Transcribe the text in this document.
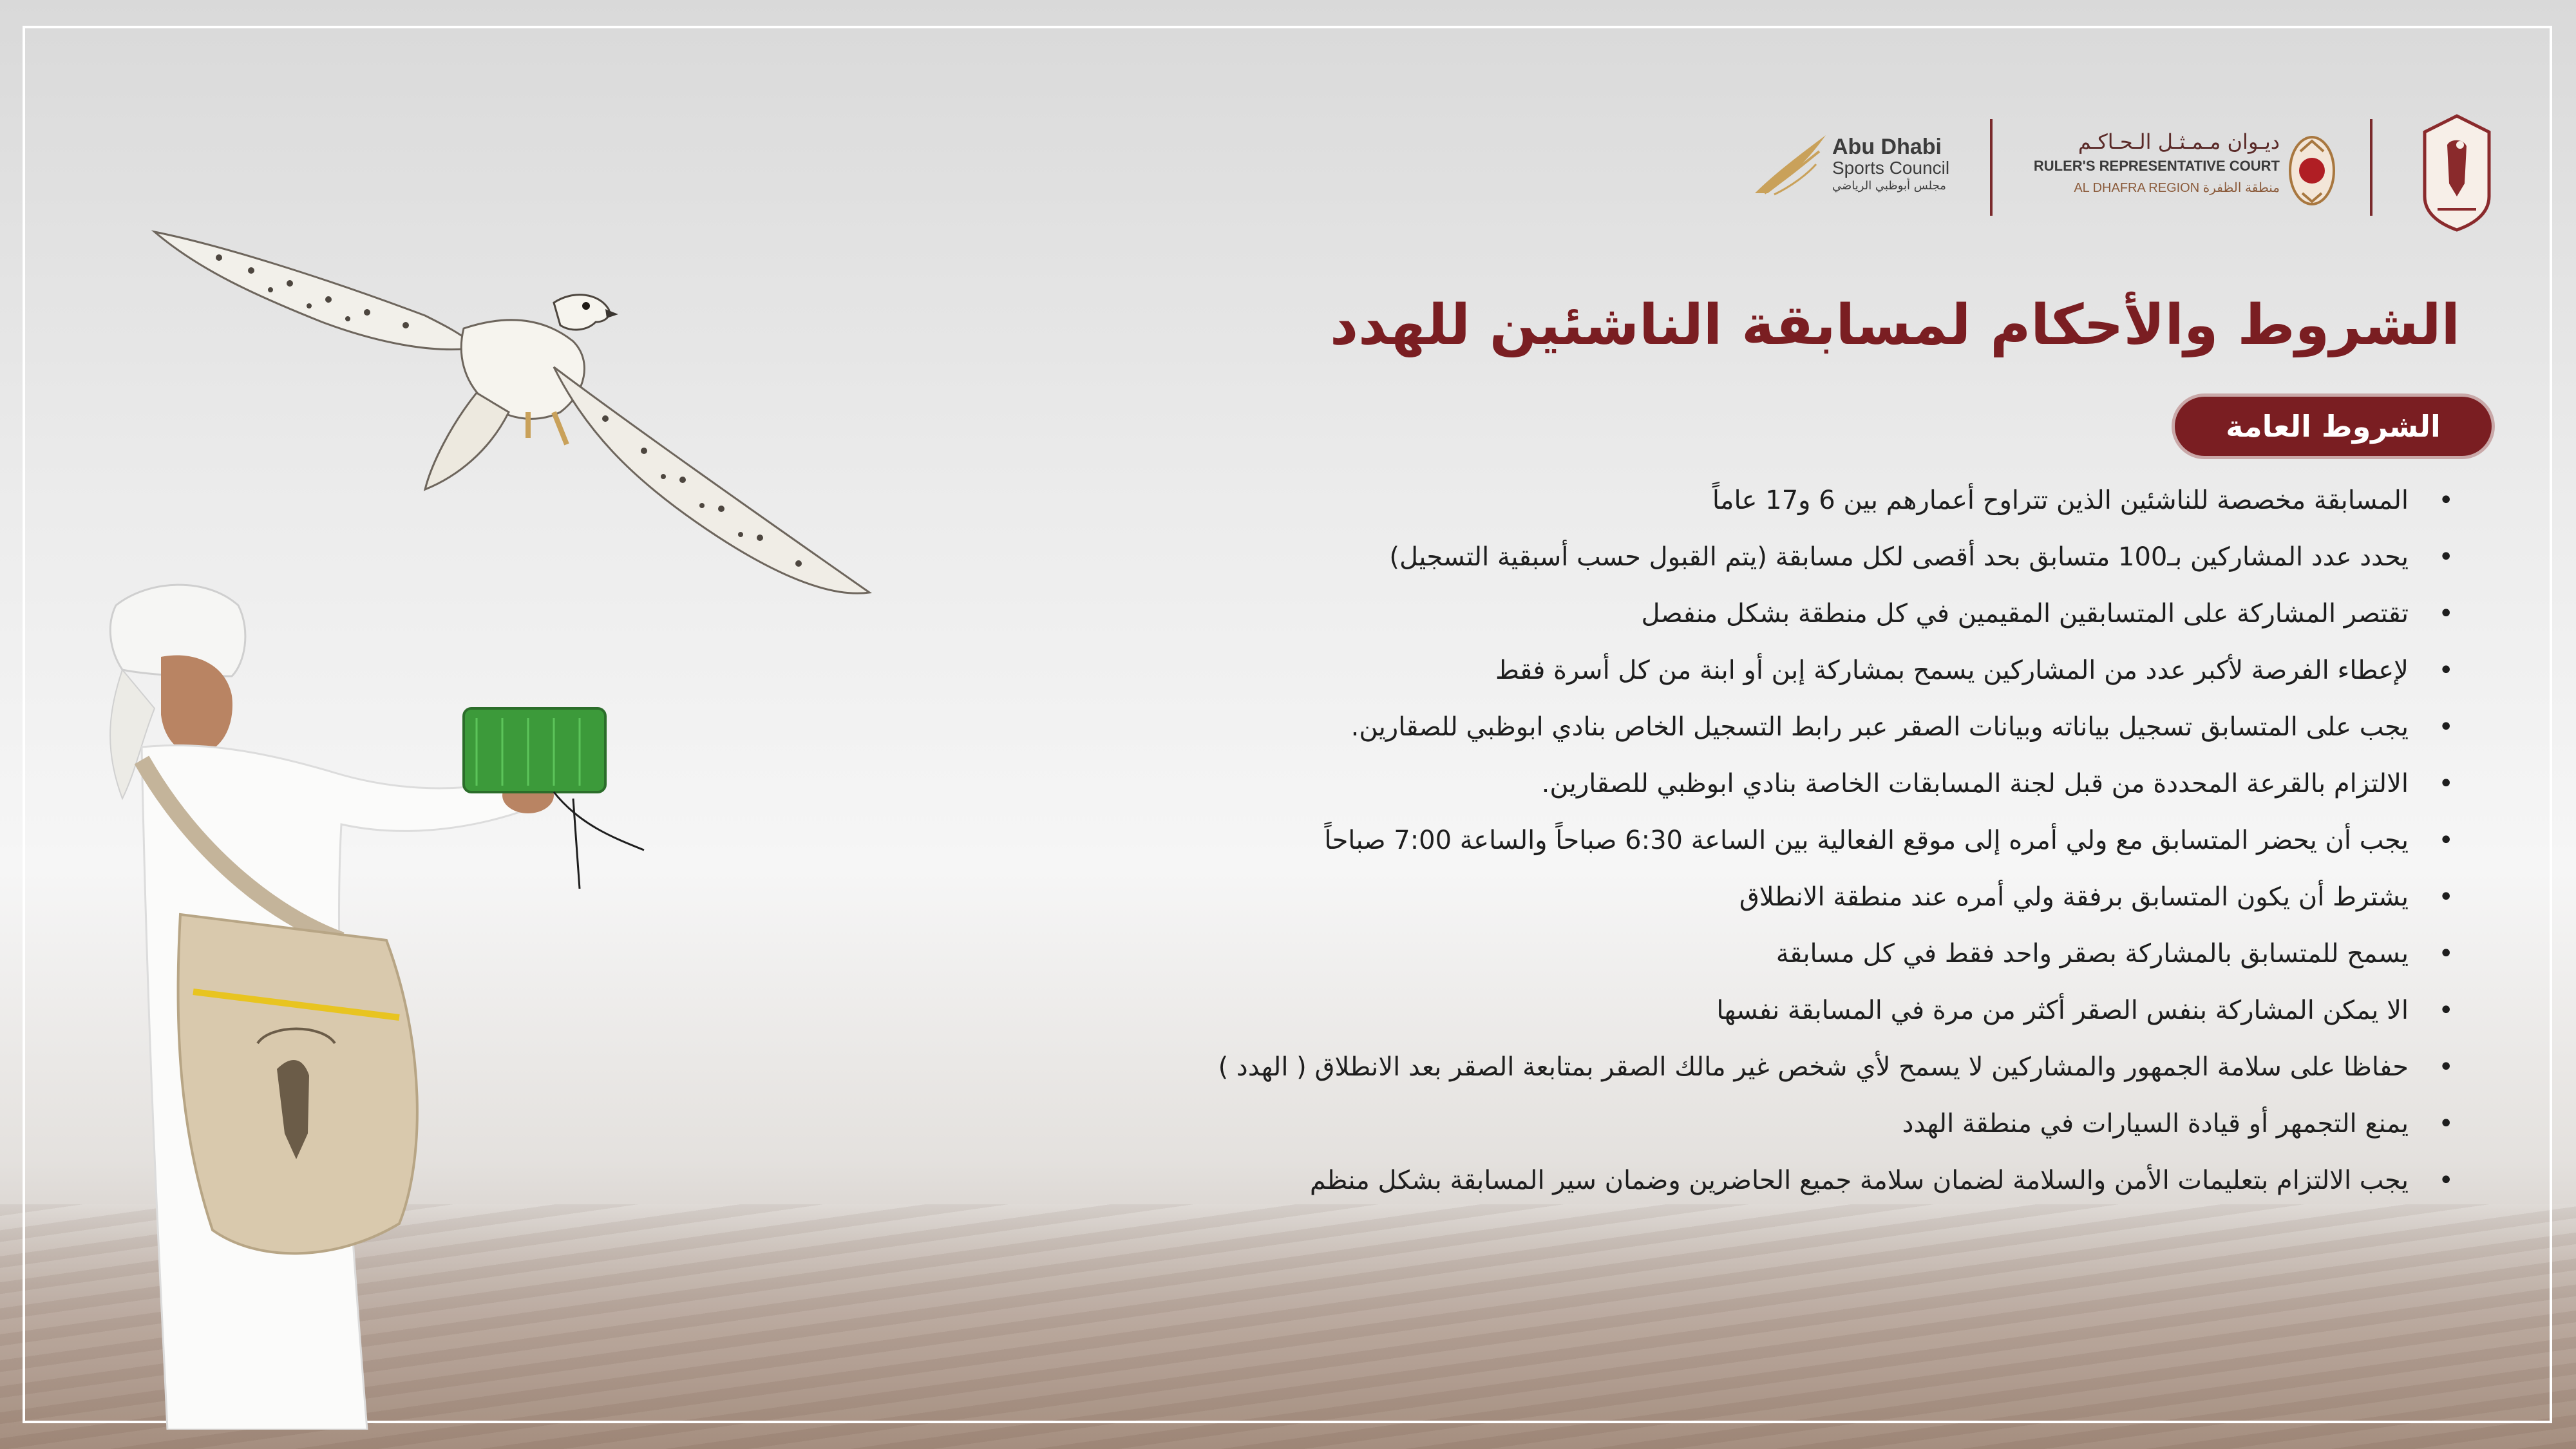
Abu Dhabi
Sports Council
مجلس أبوظبي الرياضي
ديـوان مـمـثـل الـحـاكـم
RULER'S REPRESENTATIVE COURT
AL DHAFRA REGION منطقة الظفرة
الشروط والأحكام لمسابقة الناشئين للهدد
الشروط العامة
• المسابقة مخصصة للناشئين الذين تتراوح أعمارهم بين 6 و17 عاماً
• يحدد عدد المشاركين بـ100 متسابق بحد أقصى لكل مسابقة (يتم القبول حسب أسبقية التسجيل)
• تقتصر المشاركة على المتسابقين المقيمين في كل منطقة بشكل منفصل
• لإعطاء الفرصة لأكبر عدد من المشاركين يسمح بمشاركة إبن أو ابنة من كل أسرة فقط
• يجب على المتسابق تسجيل بياناته وبيانات الصقر عبر رابط التسجيل الخاص بنادي ابوظبي للصقارين.
• الالتزام بالقرعة المحددة من قبل لجنة المسابقات الخاصة بنادي ابوظبي للصقارين.
• يجب أن يحضر المتسابق مع ولي أمره إلى موقع الفعالية بين الساعة 6:30 صباحاً والساعة 7:00 صباحاً
• يشترط أن يكون المتسابق برفقة ولي أمره عند منطقة الانطلاق
• يسمح للمتسابق بالمشاركة بصقر واحد فقط في كل مسابقة
• الا يمكن المشاركة بنفس الصقر أكثر من مرة في المسابقة نفسها
• حفاظا على سلامة الجمهور والمشاركين لا يسمح لأي شخص غير مالك الصقر بمتابعة الصقر بعد الانطلاق ( الهدد )
• يمنع التجمهر أو قيادة السيارات في منطقة الهدد
• يجب الالتزام بتعليمات الأمن والسلامة لضمان سلامة جميع الحاضرين وضمان سير المسابقة بشكل منظم
